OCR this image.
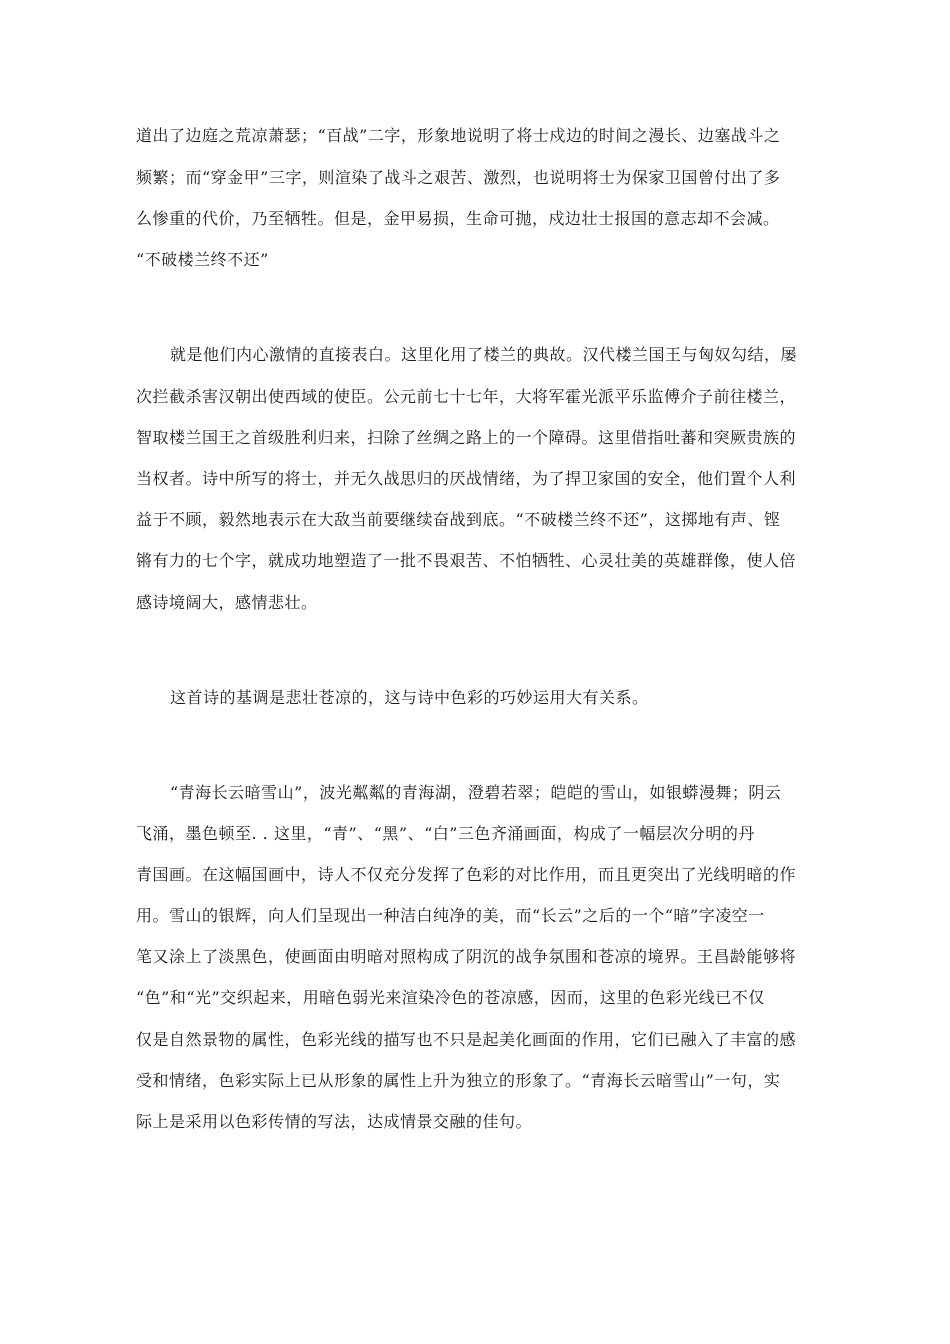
道出了边庭之荒凉萧瑟；“百战”二字，形象地说明了将士戍边的时间之漫长、边塞战斗之

频繁；而“穿金甲”三字，则渲染了战斗之艰苦、激烈，也说明将士为保家卫国曾付出了多

么惨重的代价，乃至牺牲。但是，金甲易损，生命可抛，戍边壮士报国的意志却不会减。

“不破楼兰终不还”

就是他们内心激情的直接表白。这里化用了楼兰的典故。汉代楼兰国王与匈奴勾结，屡

次拦截杀害汉朝出使西域的使臣。公元前七十七年，大将军霍光派平乐监傅介子前往楼兰，

智取楼兰国王之首级胜利归来，扫除了丝绸之路上的一个障碍。这里借指吐蕃和突厥贵族的

当权者。诗中所写的将士，并无久战思归的厌战情绪，为了捍卫家国的安全，他们置个人利

益于不顾，毅然地表示在大敌当前要继续奋战到底。“不破楼兰终不还”，这掷地有声、铿

锵有力的七个字，就成功地塑造了一批不畏艰苦、不怕牺牲、心灵壮美的英雄群像，使人倍

感诗境阔大，感情悲壮。

这首诗的基调是悲壮苍凉的，这与诗中色彩的巧妙运用大有关系。

“青海长云暗雪山”，波光粼粼的青海湖，澄碧若翠；皑皑的雪山，如银蟒漫舞；阴云

飞涌，墨色顿至. . 这里，“青”、“黑”、“白”三色齐涌画面，构成了一幅层次分明的丹

青国画。在这幅国画中，诗人不仅充分发挥了色彩的对比作用，而且更突出了光线明暗的作

用。雪山的银辉，向人们呈现出一种洁白纯净的美，而“长云”之后的一个“暗”字凌空一

笔又涂上了淡黑色，使画面由明暗对照构成了阴沉的战争氛围和苍凉的境界。王昌龄能够将

“色”和“光”交织起来，用暗色弱光来渲染冷色的苍凉感，因而，这里的色彩光线已不仅

仅是自然景物的属性，色彩光线的描写也不只是起美化画面的作用，它们已融入了丰富的感

受和情绪，色彩实际上已从形象的属性上升为独立的形象了。“青海长云暗雪山”一句，实

际上是采用以色彩传情的写法，达成情景交融的佳句。
